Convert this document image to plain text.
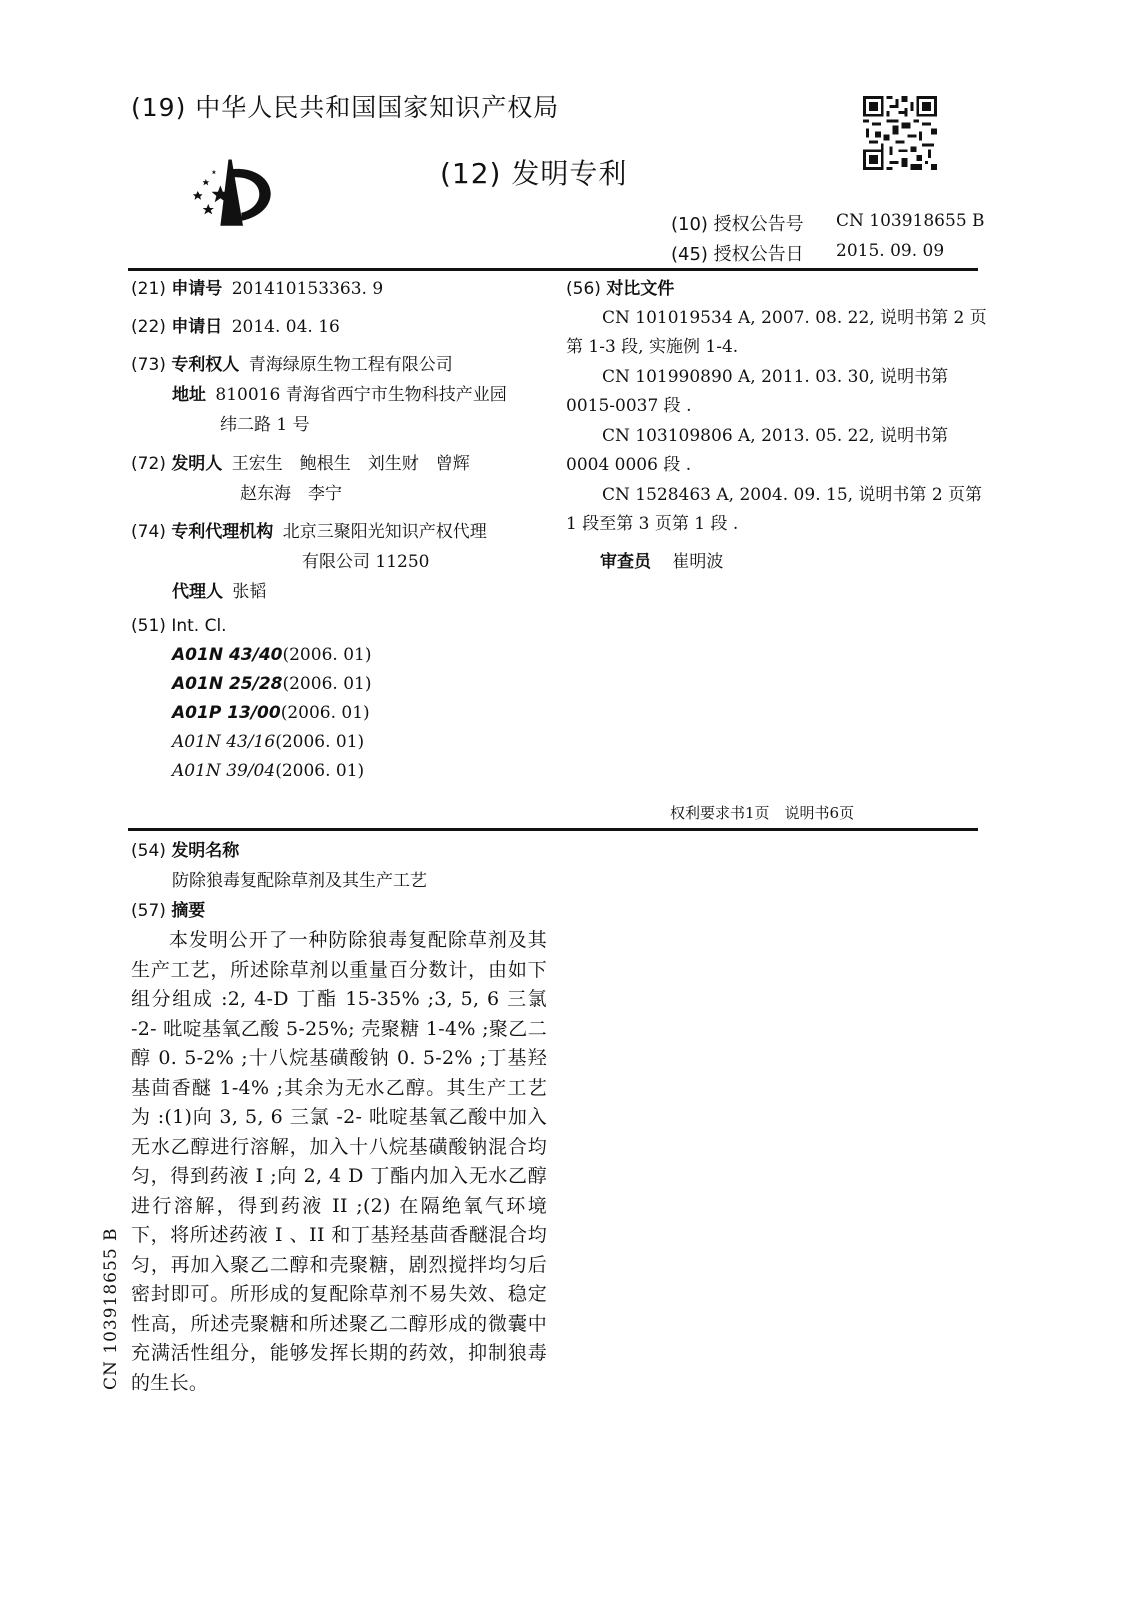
(19) 中华人民共和国国家知识产权局
(12) 发明专利
(10) 授权公告号 CN 103918655 B
(45) 授权公告日 2015. 09. 09
(21) 申请号 201410153363. 9
(22) 申请日 2014. 04. 16
(73) 专利权人 青海绿原生物工程有限公司
地址 810016 青海省西宁市生物科技产业园
纬二路 1 号
(72) 发明人 王宏生　鲍根生　刘生财　曾辉
赵东海　李宁
(74) 专利代理机构 北京三聚阳光知识产权代理
有限公司 11250
代理人 张韬
(51) Int. Cl.
A01N 43/40(2006. 01)
A01N 25/28(2006. 01)
A01P 13/00(2006. 01)
A01N 43/16(2006. 01)
A01N 39/04(2006. 01)
(56) 对比文件
CN 101019534 A, 2007. 08. 22, 说明书第 2 页
第 1-3 段, 实施例 1-4.
CN 101990890 A, 2011. 03. 30, 说明书第
0015-0037 段 .
CN 103109806 A, 2013. 05. 22, 说明书第
0004 0006 段 .
CN 1528463 A, 2004. 09. 15, 说明书第 2 页第
1 段至第 3 页第 1 段 .
审查员 崔明波
权利要求书1页　说明书6页
(54) 发明名称
防除狼毒复配除草剂及其生产工艺
(57) 摘要
本发明公开了一种防除狼毒复配除草剂及其生产工艺，所述除草剂以重量百分数计，由如下组分组成 :2, 4-D 丁酯 15-35% ;3, 5, 6 三氯 -2- 吡啶基氧乙酸 5-25%; 壳聚糖 1-4% ;聚乙二醇 0. 5-2% ;十八烷基磺酸钠 0. 5-2% ;丁基羟基茴香醚 1-4% ;其余为无水乙醇。其生产工艺为 :(1)向 3, 5, 6 三氯 -2- 吡啶基氧乙酸中加入无水乙醇进行溶解，加入十八烷基磺酸钠混合均匀，得到药液 I ;向 2, 4 D 丁酯内加入无水乙醇进行溶解，得到药液 II ;(2) 在隔绝氧气环境下，将所述药液 I 、II 和丁基羟基茴香醚混合均匀，再加入聚乙二醇和壳聚糖，剧烈搅拌均匀后密封即可。所形成的复配除草剂不易失效、稳定性高，所述壳聚糖和所述聚乙二醇形成的微囊中充满活性组分，能够发挥长期的药效，抑制狼毒的生长。
CN 103918655 B
